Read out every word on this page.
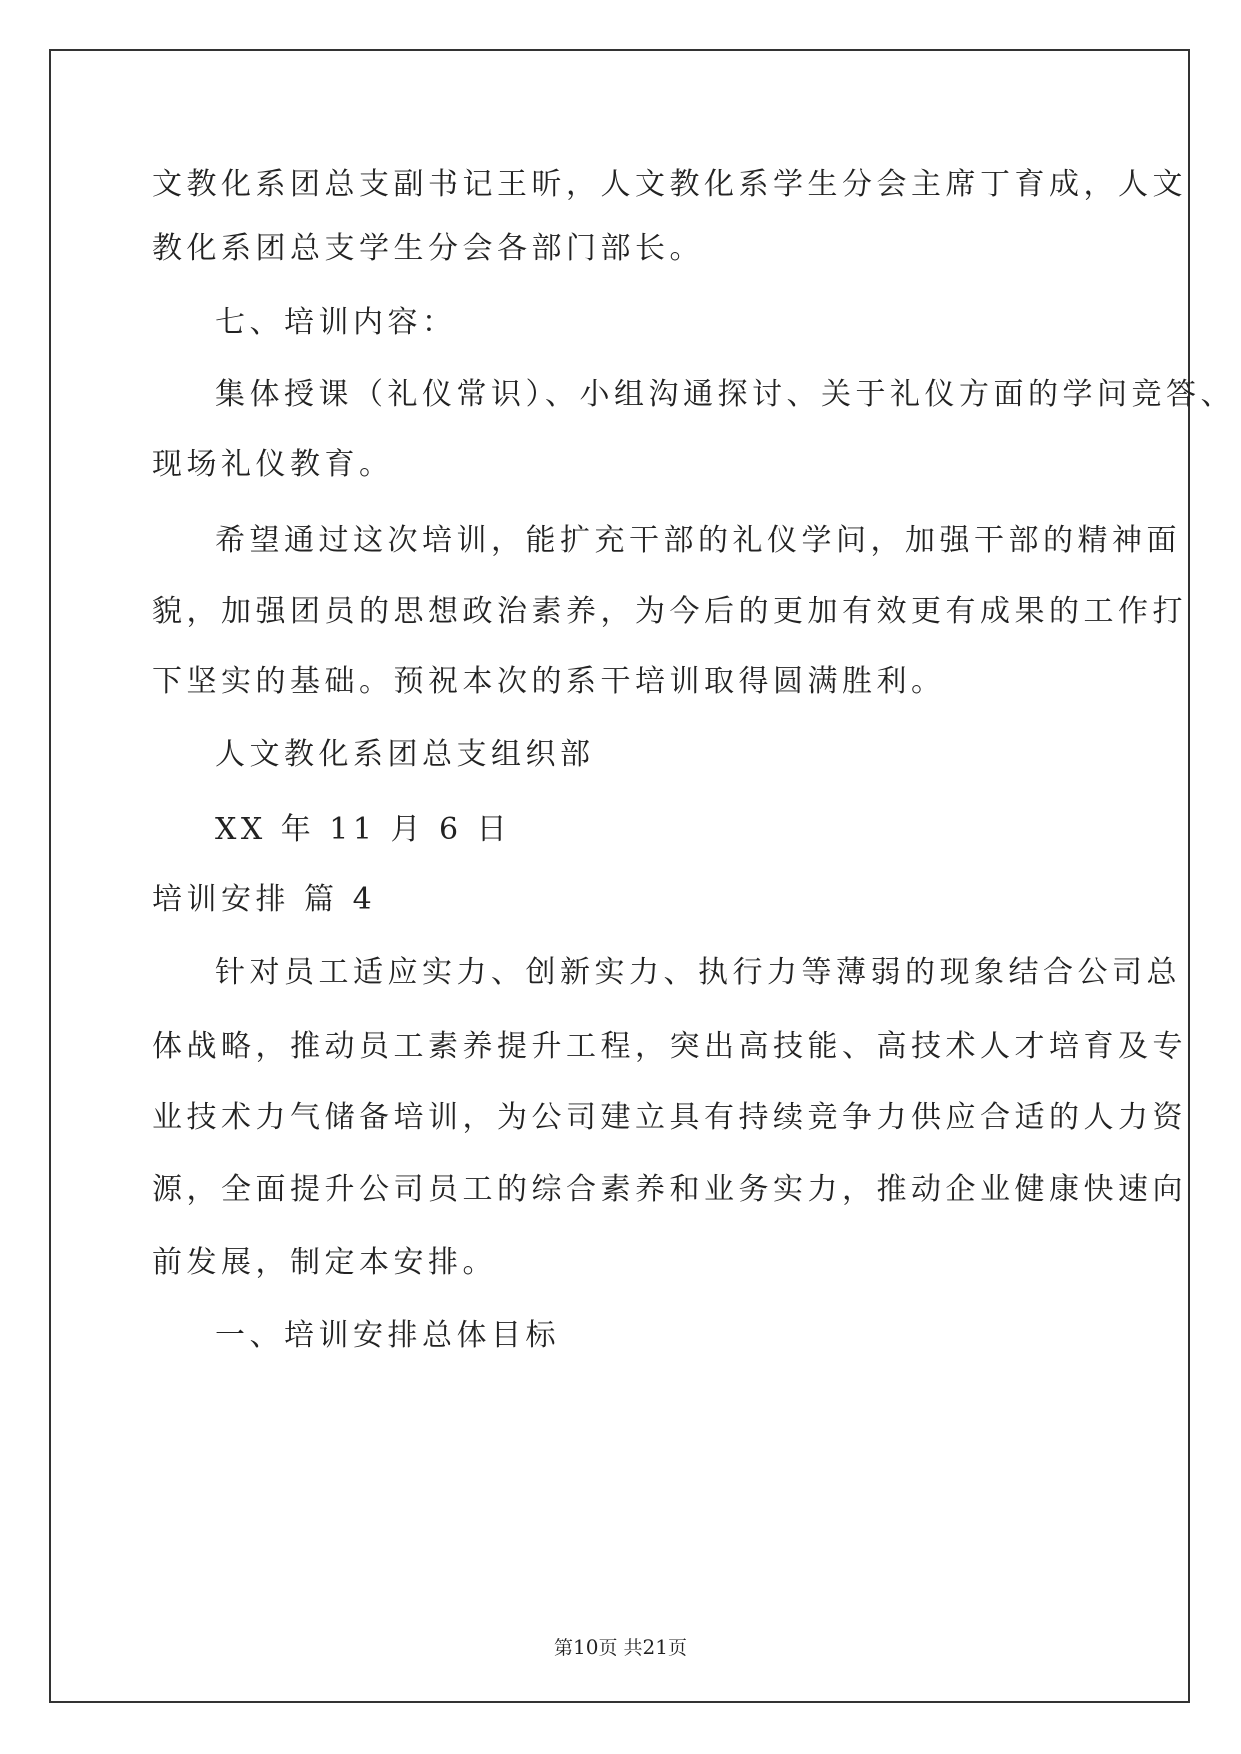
文教化系团总支副书记王昕，人文教化系学生分会主席丁育成，人文
教化系团总支学生分会各部门部长。
七、培训内容：
集体授课（礼仪常识）、小组沟通探讨、关于礼仪方面的学问竞答、
现场礼仪教育。
希望通过这次培训，能扩充干部的礼仪学问，加强干部的精神面
貌，加强团员的思想政治素养，为今后的更加有效更有成果的工作打
下坚实的基础。预祝本次的系干培训取得圆满胜利。
人文教化系团总支组织部
XX 年 11 月 6 日
培训安排 篇 4
针对员工适应实力、创新实力、执行力等薄弱的现象结合公司总
体战略，推动员工素养提升工程，突出高技能、高技术人才培育及专
业技术力气储备培训，为公司建立具有持续竞争力供应合适的人力资
源，全面提升公司员工的综合素养和业务实力，推动企业健康快速向
前发展，制定本安排。
一、培训安排总体目标
第10页 共21页
